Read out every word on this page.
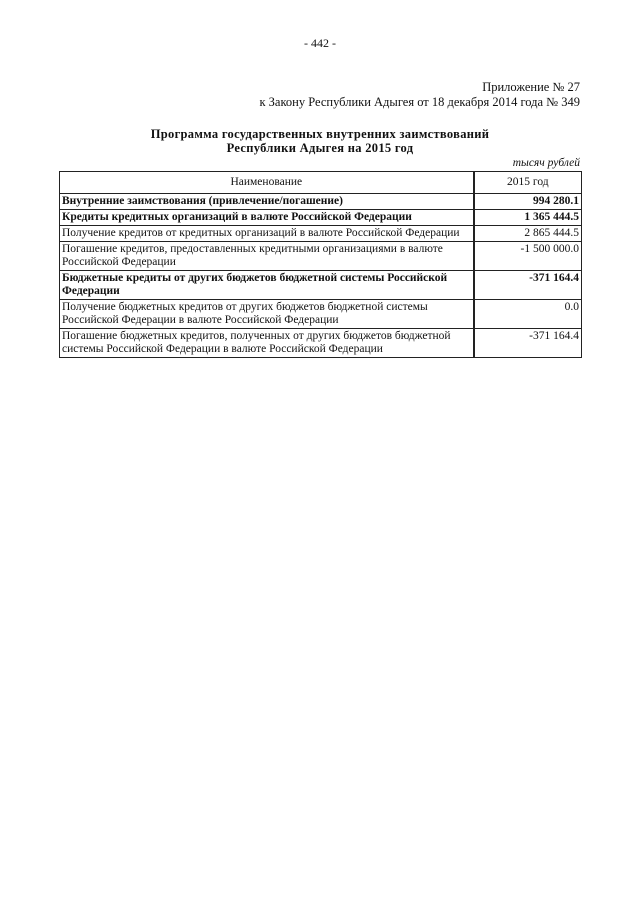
- 442 -
Приложение № 27
к Закону Республики Адыгея от 18 декабря 2014 года № 349
Программа государственных внутренних заимствований
Республики Адыгея на 2015 год
тысяч рублей
Наименование	2015 год
Внутренние заимствования (привлечение/погашение)	994 280.1
Кредиты кредитных организаций в валюте Российской Федерации	1 365 444.5
Получение кредитов от кредитных организаций в валюте Российской Федерации	2 865 444.5
Погашение кредитов, предоставленных кредитными организациями в валюте Российской Федерации	-1 500 000.0
Бюджетные кредиты от других бюджетов бюджетной системы Российской Федерации	-371 164.4
Получение бюджетных кредитов от других бюджетов бюджетной системы Российской Федерации в валюте Российской Федерации	0.0
Погашение бюджетных кредитов, полученных от других бюджетов бюджетной системы Российской Федерации в валюте Российской Федерации	-371 164.4
